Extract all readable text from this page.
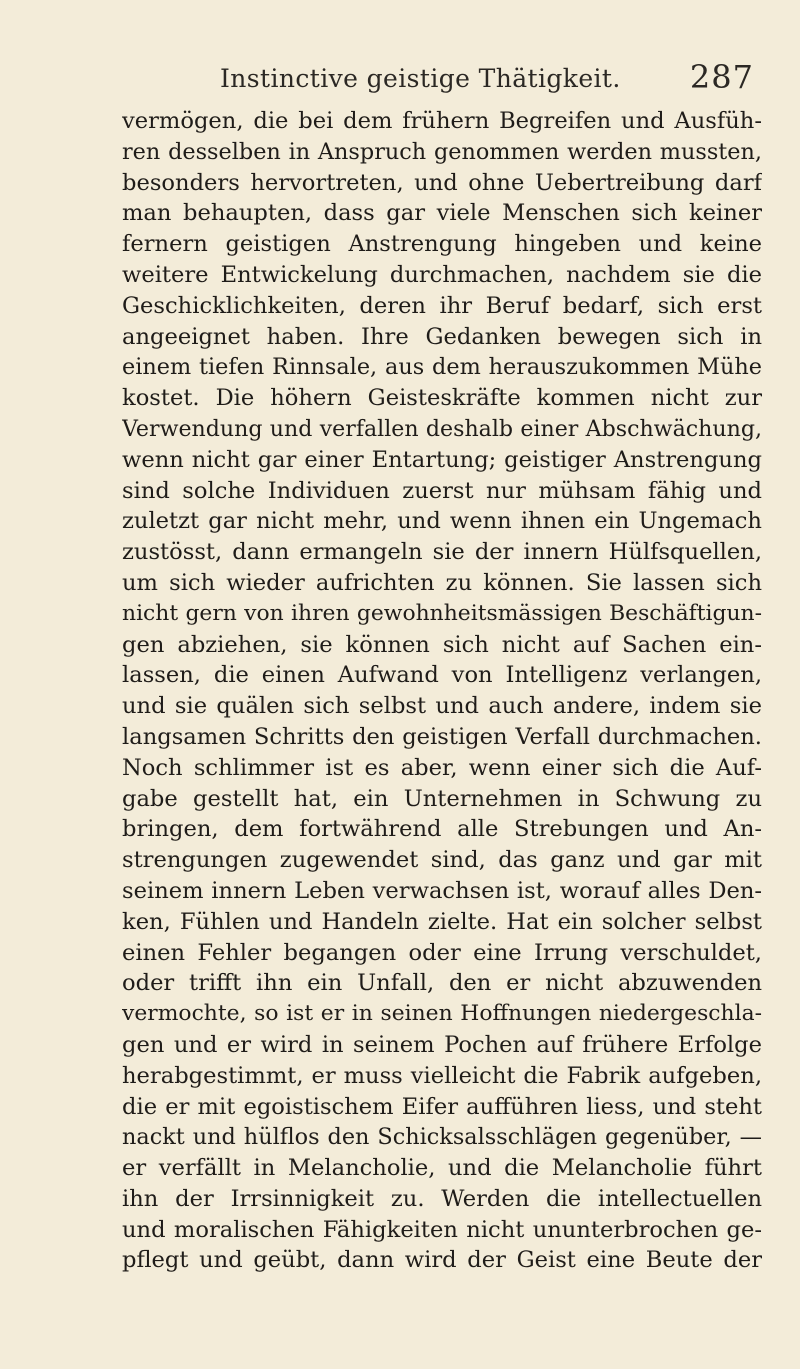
Instinctive geistige Thätigkeit. 287
vermögen, die bei dem frühern Begreifen und Ausfüh-
ren desselben in Anspruch genommen werden mussten,
besonders hervortreten, und ohne Uebertreibung darf
man behaupten, dass gar viele Menschen sich keiner
fernern geistigen Anstrengung hingeben und keine
weitere Entwickelung durchmachen, nachdem sie die
Geschicklichkeiten, deren ihr Beruf bedarf, sich erst
angeeignet haben. Ihre Gedanken bewegen sich in
einem tiefen Rinnsale, aus dem herauszukommen Mühe
kostet. Die höhern Geisteskräfte kommen nicht zur
Verwendung und verfallen deshalb einer Abschwächung,
wenn nicht gar einer Entartung; geistiger Anstrengung
sind solche Individuen zuerst nur mühsam fähig und
zuletzt gar nicht mehr, und wenn ihnen ein Ungemach
zustösst, dann ermangeln sie der innern Hülfsquellen,
um sich wieder aufrichten zu können. Sie lassen sich
nicht gern von ihren gewohnheitsmässigen Beschäftigun-
gen abziehen, sie können sich nicht auf Sachen ein-
lassen, die einen Aufwand von Intelligenz verlangen,
und sie quälen sich selbst und auch andere, indem sie
langsamen Schritts den geistigen Verfall durchmachen.
Noch schlimmer ist es aber, wenn einer sich die Auf-
gabe gestellt hat, ein Unternehmen in Schwung zu
bringen, dem fortwährend alle Strebungen und An-
strengungen zugewendet sind, das ganz und gar mit
seinem innern Leben verwachsen ist, worauf alles Den-
ken, Fühlen und Handeln zielte. Hat ein solcher selbst
einen Fehler begangen oder eine Irrung verschuldet,
oder trifft ihn ein Unfall, den er nicht abzuwenden
vermochte, so ist er in seinen Hoffnungen niedergeschla-
gen und er wird in seinem Pochen auf frühere Erfolge
herabgestimmt, er muss vielleicht die Fabrik aufgeben,
die er mit egoistischem Eifer aufführen liess, und steht
nackt und hülflos den Schicksalsschlägen gegenüber, —
er verfällt in Melancholie, und die Melancholie führt
ihn der Irrsinnigkeit zu. Werden die intellectuellen
und moralischen Fähigkeiten nicht ununterbrochen ge-
pflegt und geübt, dann wird der Geist eine Beute der
